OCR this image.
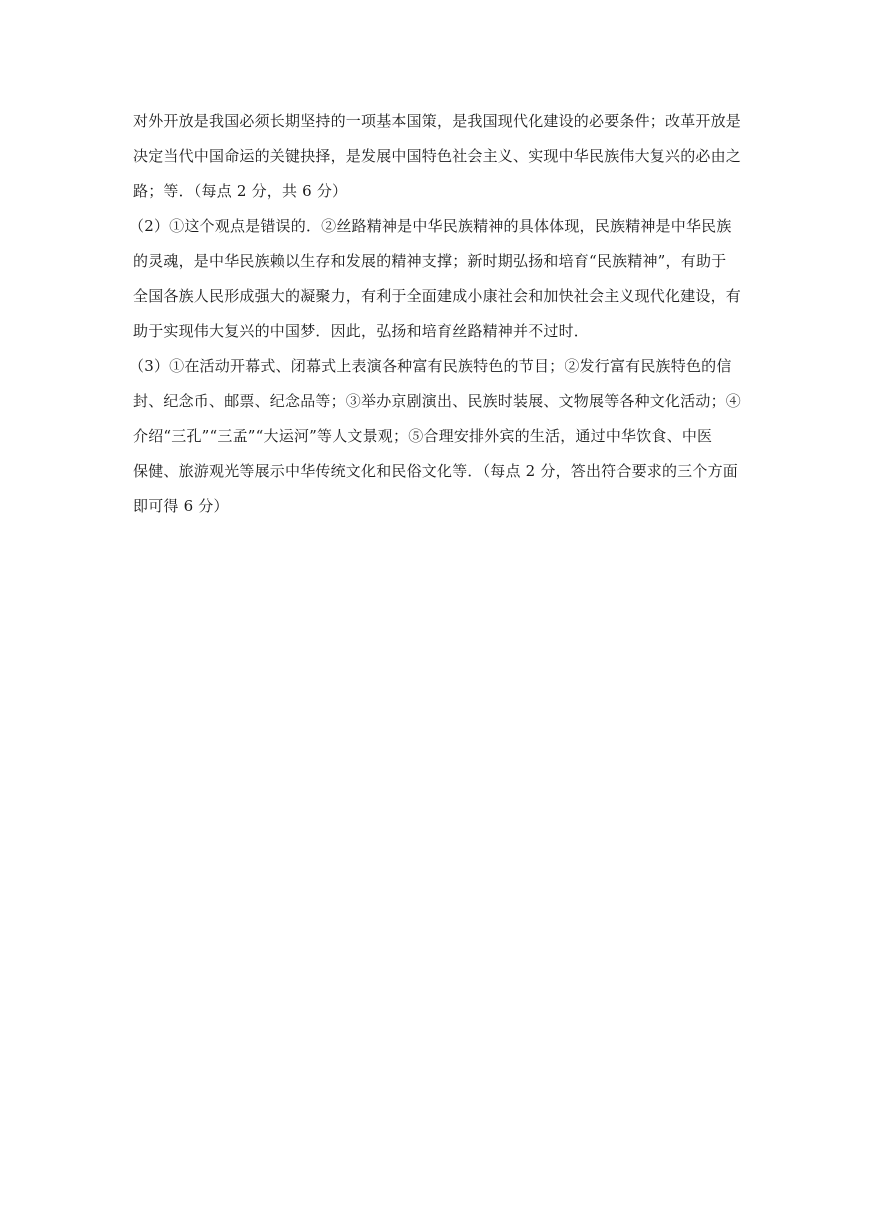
对外开放是我国必须长期坚持的一项基本国策，是我国现代化建设的必要条件；改革开放是
决定当代中国命运的关键抉择，是发展中国特色社会主义、实现中华民族伟大复兴的必由之
路；等．（每点 2 分，共 6 分）
（2）①这个观点是错误的．②丝路精神是中华民族精神的具体体现，民族精神是中华民族
的灵魂，是中华民族赖以生存和发展的精神支撑；新时期弘扬和培育“民族精神”，有助于
全国各族人民形成强大的凝聚力，有利于全面建成小康社会和加快社会主义现代化建设，有
助于实现伟大复兴的中国梦．因此，弘扬和培育丝路精神并不过时．
（3）①在活动开幕式、闭幕式上表演各种富有民族特色的节目；②发行富有民族特色的信
封、纪念币、邮票、纪念品等；③举办京剧演出、民族时装展、文物展等各种文化活动；④
介绍“三孔”“三孟”“大运河”等人文景观；⑤合理安排外宾的生活，通过中华饮食、中医
保健、旅游观光等展示中华传统文化和民俗文化等．（每点 2 分，答出符合要求的三个方面
即可得 6 分）
